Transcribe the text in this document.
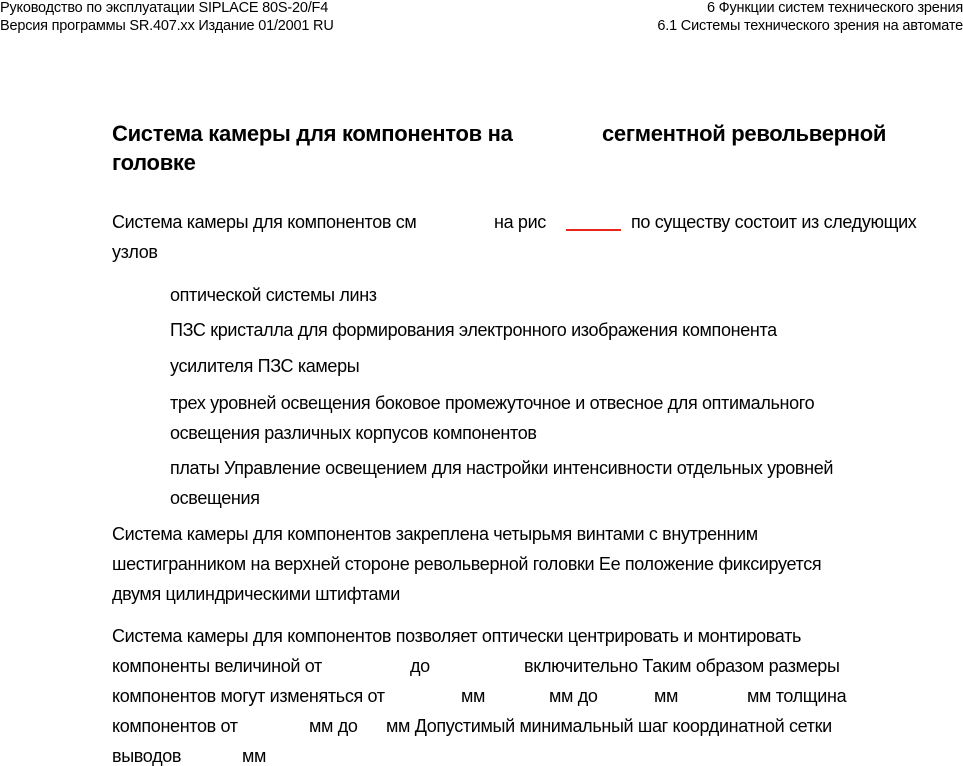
Руководство по эксплуатации SIPLACE 80S-20/F4
Версия программы SR.407.xx Издание 01/2001 RU
6 Функции систем технического зрения
6.1 Системы технического зрения на автомате
Система камеры для компонентов на	сегментной револьверной
головке
Система камеры для компонентов см	на рис	по существу состоит из следующих
узлов
оптической системы линз
ПЗС кристалла для формирования электронного изображения компонента
усилителя ПЗС камеры
трех уровней освещения боковое промежуточное и отвесное для оптимального
освещения различных корпусов компонентов
платы Управление освещением для настройки интенсивности отдельных уровней
освещения
Система камеры для компонентов закреплена четырьмя винтами с внутренним
шестигранником на верхней стороне револьверной головки Ее положение фиксируется
двумя цилиндрическими штифтами
Система камеры для компонентов позволяет оптически центрировать и монтировать
компоненты величиной от	до	включительно Таким образом размеры
компонентов могут изменяться от	мм	мм до	мм	мм толщина
компонентов от	мм до мм Допустимый минимальный шаг координатной сетки
выводов	мм
